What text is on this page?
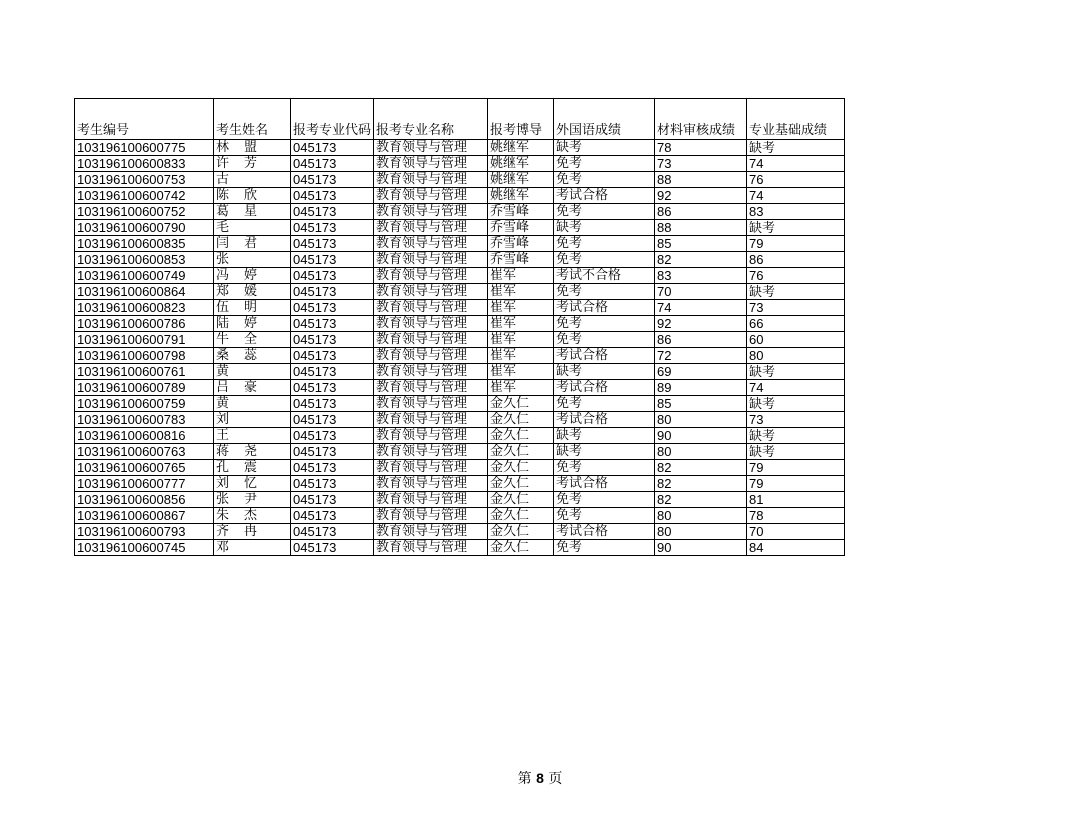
考生编号	考生姓名	报考专业代码	报考专业名称	报考博导	外国语成绩	材料审核成绩	专业基础成绩
103196100600775	林　盟	045173	教育领导与管理	姚继军	缺考	78	缺考
103196100600833	许　芳	045173	教育领导与管理	姚继军	免考	73	74
103196100600753	古	045173	教育领导与管理	姚继军	免考	88	76
103196100600742	陈　欣	045173	教育领导与管理	姚继军	考试合格	92	74
103196100600752	葛　星	045173	教育领导与管理	乔雪峰	免考	86	83
103196100600790	毛	045173	教育领导与管理	乔雪峰	缺考	88	缺考
103196100600835	闫　君	045173	教育领导与管理	乔雪峰	免考	85	79
103196100600853	张	045173	教育领导与管理	乔雪峰	免考	82	86
103196100600749	冯　婷	045173	教育领导与管理	崔军	考试不合格	83	76
103196100600864	郑　媛	045173	教育领导与管理	崔军	免考	70	缺考
103196100600823	伍　明	045173	教育领导与管理	崔军	考试合格	74	73
103196100600786	陆　婷	045173	教育领导与管理	崔军	免考	92	66
103196100600791	牛　全	045173	教育领导与管理	崔军	免考	86	60
103196100600798	桑　蕊	045173	教育领导与管理	崔军	考试合格	72	80
103196100600761	黄	045173	教育领导与管理	崔军	缺考	69	缺考
103196100600789	吕　豪	045173	教育领导与管理	崔军	考试合格	89	74
103196100600759	黄	045173	教育领导与管理	金久仁	免考	85	缺考
103196100600783	刘	045173	教育领导与管理	金久仁	考试合格	80	73
103196100600816	王	045173	教育领导与管理	金久仁	缺考	90	缺考
103196100600763	蒋　尧	045173	教育领导与管理	金久仁	缺考	80	缺考
103196100600765	孔　震	045173	教育领导与管理	金久仁	免考	82	79
103196100600777	刘　忆	045173	教育领导与管理	金久仁	考试合格	82	79
103196100600856	张　尹	045173	教育领导与管理	金久仁	免考	82	81
103196100600867	朱　杰	045173	教育领导与管理	金久仁	免考	80	78
103196100600793	齐　冉	045173	教育领导与管理	金久仁	考试合格	80	70
103196100600745	邓	045173	教育领导与管理	金久仁	免考	90	84
第 8 页
